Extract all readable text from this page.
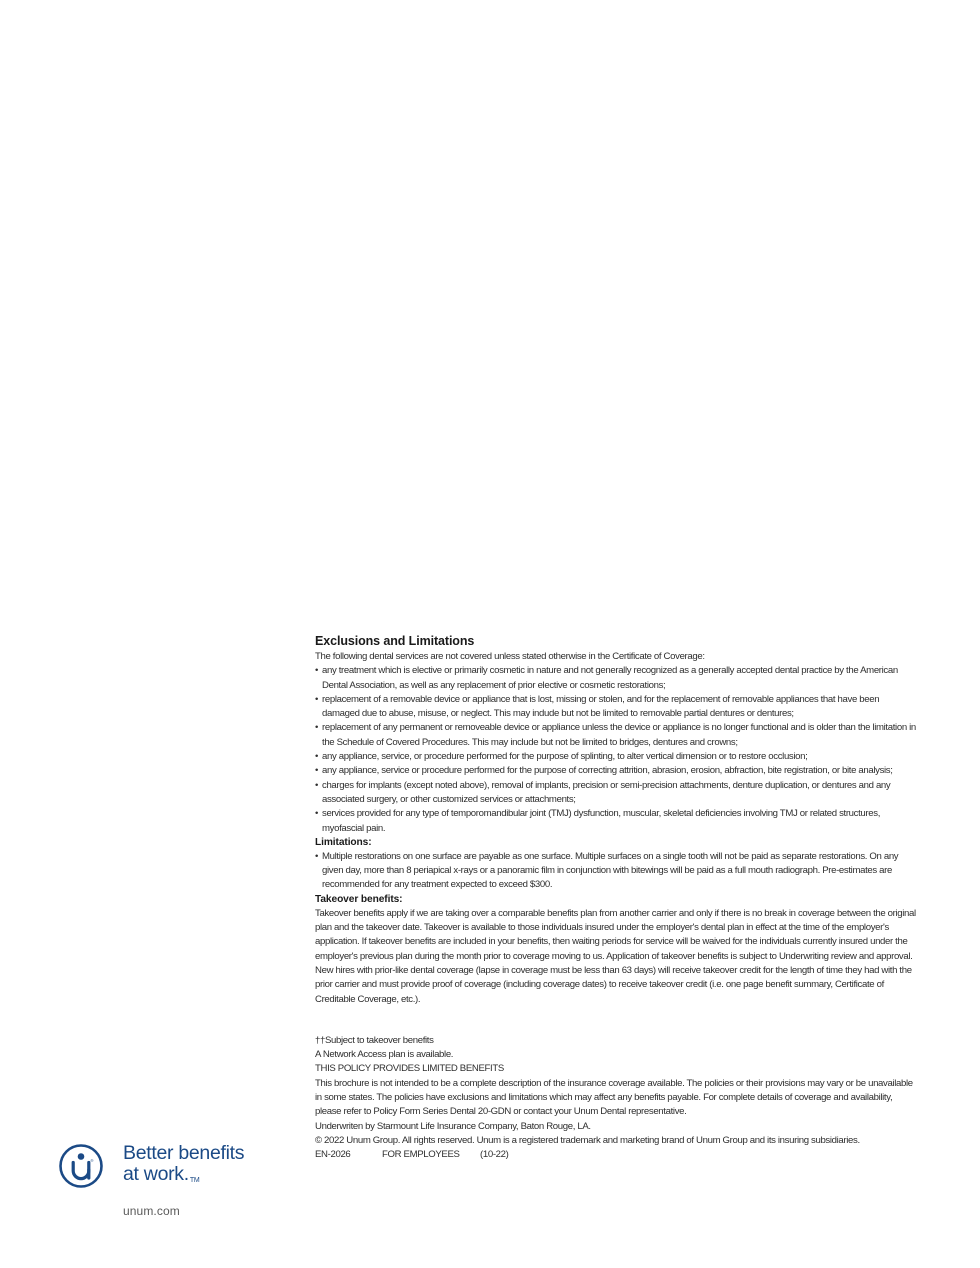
Exclusions and Limitations

The following dental services are not covered unless stated otherwise in the Certificate of Coverage:

• any treatment which is elective or primarily cosmetic in nature and not generally recognized as a generally accepted dental practice by the American Dental Association, as well as any replacement of prior elective or cosmetic restorations;
• replacement of a removable device or appliance that is lost, missing or stolen, and for the replacement of removable appliances that have been damaged due to abuse, misuse, or neglect. This may indude but not be limited to removable partial dentures or dentures;
• replacement of any permanent or removeable device or appliance unless the device or appliance is no longer functional and is older than the limitation in the Schedule of Covered Procedures. This may include but not be limited to bridges, dentures and crowns;
• any appliance, service, or procedure performed for the purpose of splinting, to alter vertical dimension or to restore occlusion;
• any appliance, service or procedure performed for the purpose of correcting attrition, abrasion, erosion, abfraction, bite registration, or bite analysis;
• charges for implants (except noted above), removal of implants, precision or semi-precision attachments, denture duplication, or dentures and any associated surgery, or other customized services or attachments;
• services provided for any type of temporomandibular joint (TMJ) dysfunction, muscular, skeletal deficiencies involving TMJ or related structures, myofascial pain.

Limitations:

• Multiple restorations on one surface are payable as one surface. Multiple surfaces on a single tooth will not be paid as separate restorations. On any given day, more than 8 periapical x-rays or a panoramic film in conjunction with bitewings will be paid as a full mouth radiograph. Pre-estimates are recommended for any treatment expected to exceed $300.

Takeover benefits:

Takeover benefits apply if we are taking over a comparable benefits plan from another carrier and only if there is no break in coverage between the original plan and the takeover date. Takeover is available to those individuals insured under the employer's dental plan in effect at the time of the employer's application. If takeover benefits are included in your benefits, then waiting periods for service will be waived for the individuals currently insured under the employer's previous plan during the month prior to coverage moving to us. Application of takeover benefits is subject to Underwriting review and approval. New hires with prior-like dental coverage (lapse in coverage must be less than 63 days) will receive takeover credit for the length of time they had with the prior carrier and must provide proof of coverage (including coverage dates) to receive takeover credit (i.e. one page benefit summary, Certificate of Creditable Coverage, etc.).

††Subject to takeover benefits

A Network Access plan is available.

THIS POLICY PROVIDES LIMITED BENEFITS

This brochure is not intended to be a complete description of the insurance coverage available. The policies or their provisions may vary or be unavailable in some states. The policies have exclusions and limitations which may affect any benefits payable. For complete details of coverage and availability, please refer to Policy Form Series Dental 20-GDN or contact your Unum Dental representative.

Underwriten by Starmount Life Insurance Company, Baton Rouge, LA.

© 2022 Unum Group. All rights reserved. Unum is a registered trademark and marketing brand of Unum Group and its insuring subsidiaries.

EN-2026	FOR EMPLOYEES	(10-22)
® Better benefits
at work.™
unum.com
